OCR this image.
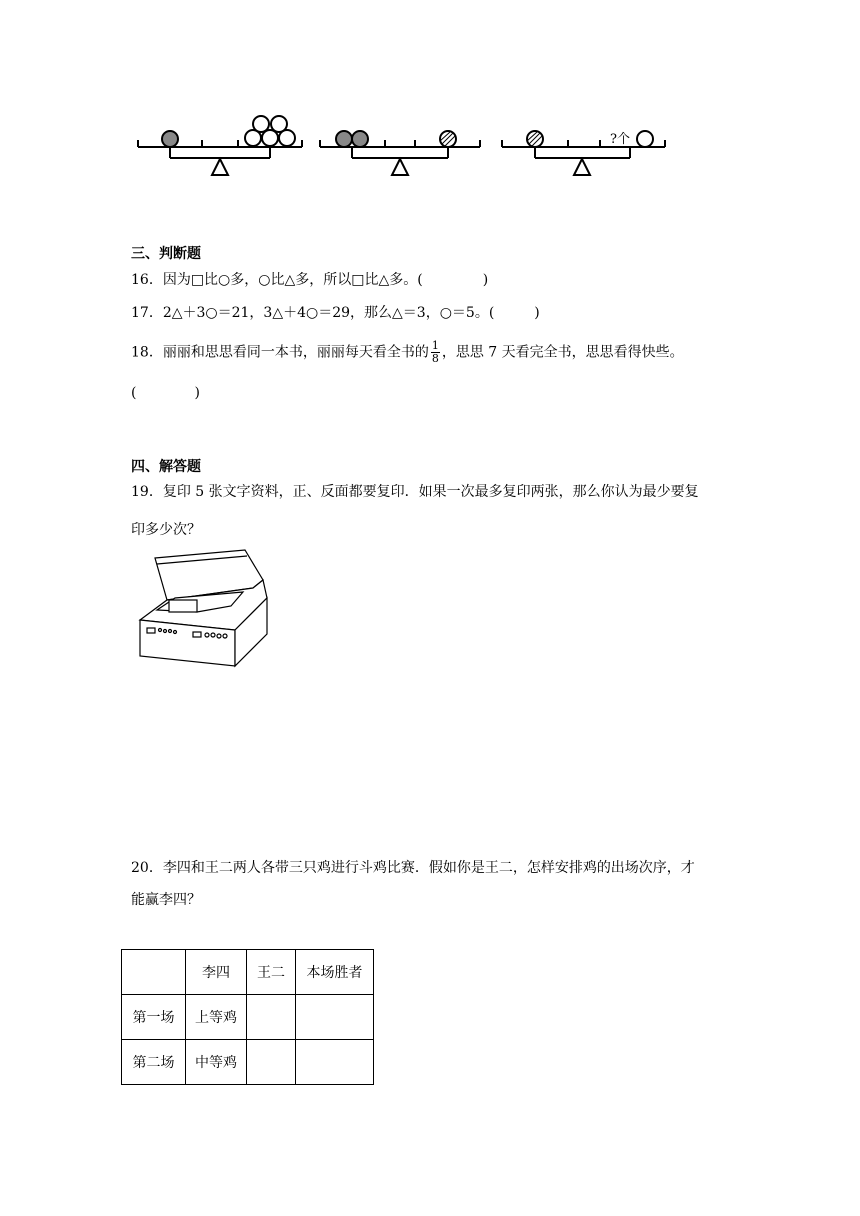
?个
三、判断题
16．因为□比○多，○比△多，所以□比△多。(	)
17．2△＋3○＝21，3△＋4○＝29，那么△＝3，○＝5。(	)
18．丽丽和思思看同一本书，丽丽每天看全书的 $\frac{1}{8}$ ，思思 7 天看完全书，思思看得快些。
(	)
四、解答题
19．复印 5 张文字资料，正、反面都要复印．如果一次最多复印两张，那么你认为最少要复
印多少次？
20．李四和王二两人各带三只鸡进行斗鸡比赛．假如你是王二，怎样安排鸡的出场次序，才
能赢李四？
	李四	王二	本场胜者
第一场	上等鸡		
第二场	中等鸡		
